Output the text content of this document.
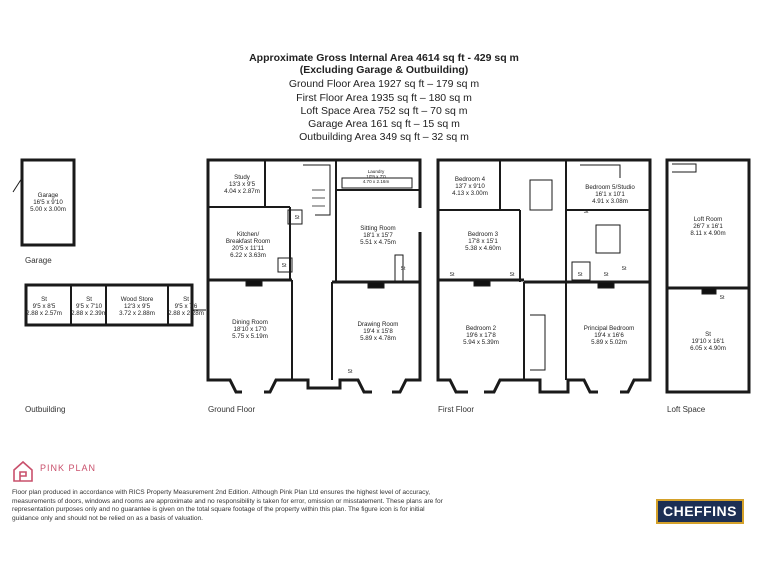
Approximate Gross Internal Area 4614 sq ft - 429 sq m
(Excluding Garage & Outbuilding)
Ground Floor Area 1927 sq ft – 179 sq m
First Floor Area 1935 sq ft – 180 sq m
Loft Space Area 752 sq ft – 70 sq m
Garage Area 161 sq ft – 15 sq m
Outbuilding Area 349 sq ft – 32 sq m
Garage
16'5 x 9'10
5.00 x 3.00m
St
9'5 x 8'5
2.88 x 2.57m
St
9'5 x 7'10
2.88 x 2.39m
Wood Store
12'3 x 9'5
3.72 x 2.88m
St
9'5 x 7'6
2.88 x 2.28m
Study
13'3 x 9'5
4.04 x 2.87m
Laundry
10'9 x 7'0
4.70 x 2.16m
Kitchen/
Breakfast Room
20'5 x 11'11
6.22 x 3.63m
Sitting Room
18'1 x 15'7
5.51 x 4.75m
Dining Room
18'10 x 17'0
5.75 x 5.19m
Drawing Room
19'4 x 15'8
5.89 x 4.78m
Bedroom 4
13'7 x 9'10
4.13 x 3.00m
Bedroom 5/Studio
16'1 x 10'1
4.91 x 3.08m
Bedroom 3
17'8 x 15'1
5.38 x 4.60m
Bedroom 2
19'6 x 17'8
5.94 x 5.39m
Principal Bedroom
19'4 x 16'6
5.89 x 5.02m
Loft Room
26'7 x 16'1
8.11 x 4.90m
St
19'10 x 16'1
6.05 x 4.90m
St
St	St
St
St	St	St	St
St
St
St
Garage
Outbuilding	Ground Floor	First Floor	Loft Space
PINK PLAN
Floor plan produced in accordance with RICS Property Measurement 2nd Edition. Although Pink Plan Ltd ensures the highest level of accuracy, measurements of doors, windows and rooms are approximate and no responsibility is taken for error, omission or misstatement. These plans are for representation purposes only and no guarantee is given on the total square footage of the property within this plan. The figure icon is for initial guidance only and should not be relied on as a basis of valuation.	CHEFFINS
